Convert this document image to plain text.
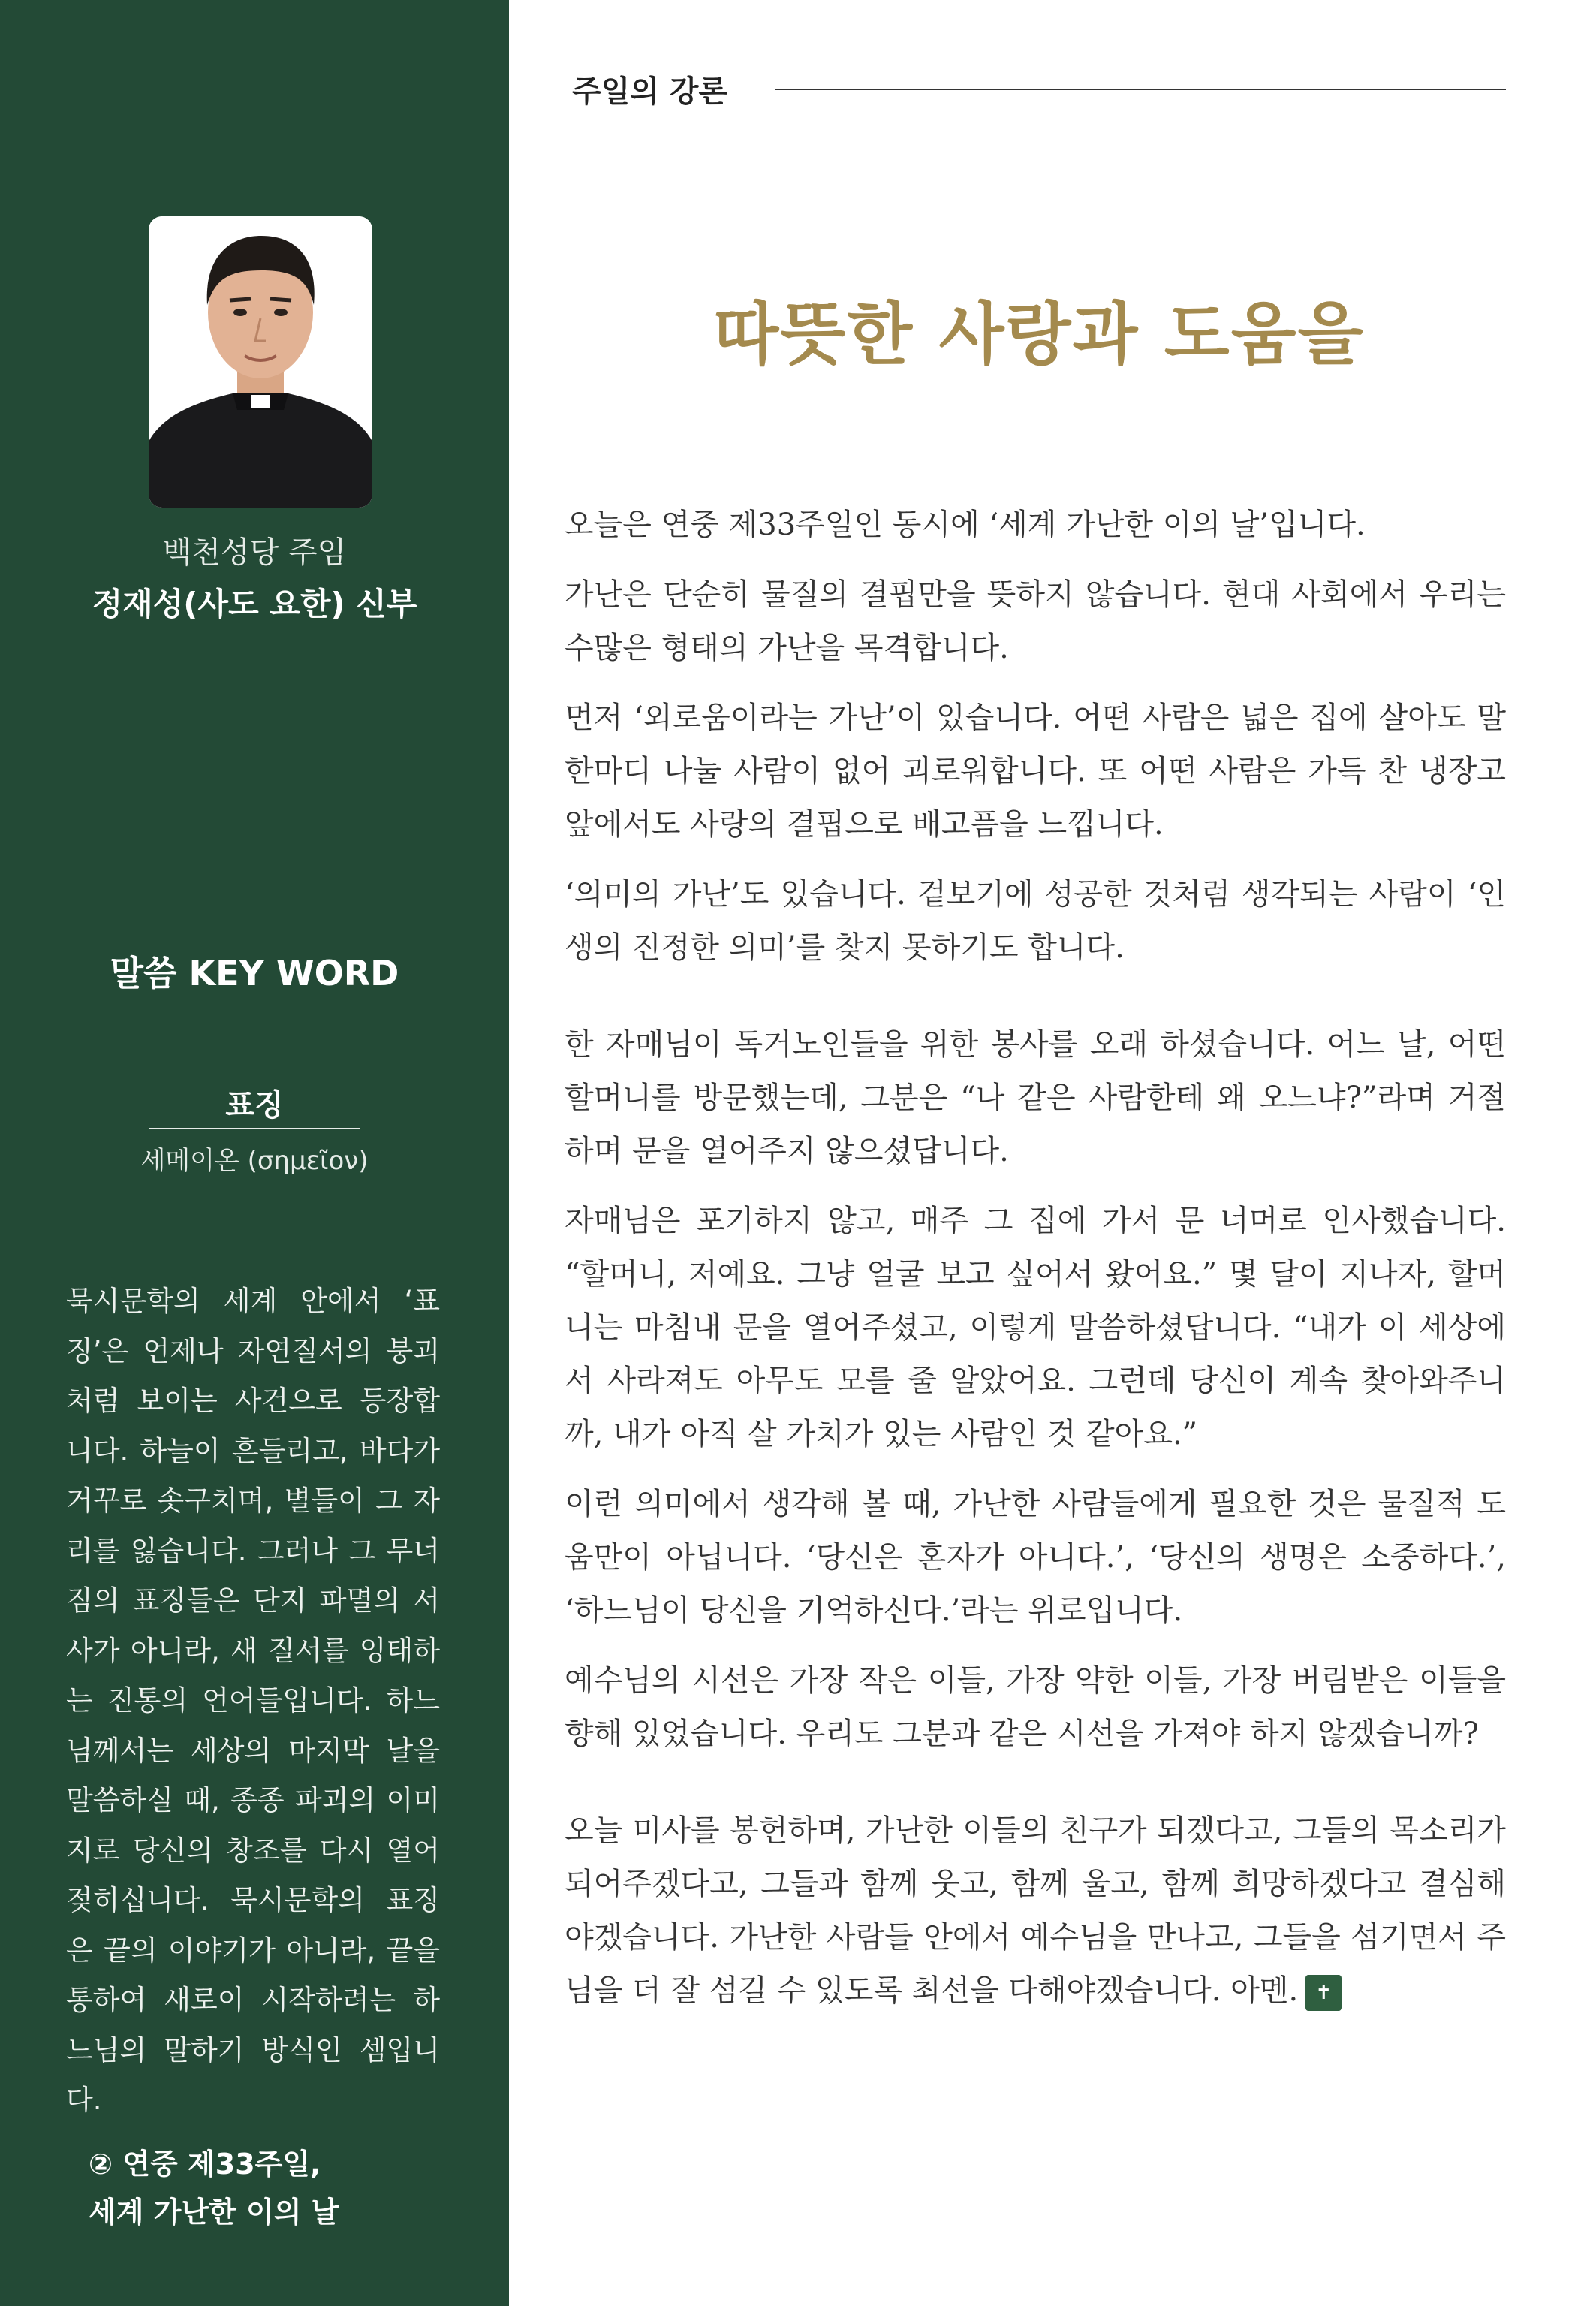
백천성당 주임
정재성(사도 요한) 신부
말씀 KEY WORD
표징
세메이온 (σημεῖον)
묵시문학의 세계 안에서 ‘표징’은 언제나 자연질서의 붕괴처럼 보이는 사건으로 등장합니다. 하늘이 흔들리고, 바다가 거꾸로 솟구치며, 별들이 그 자리를 잃습니다. 그러나 그 무너짐의 표징들은 단지 파멸의 서사가 아니라, 새 질서를 잉태하는 진통의 언어들입니다. 하느님께서는 세상의 마지막 날을 말씀하실 때, 종종 파괴의 이미지로 당신의 창조를 다시 열어젖히십니다. 묵시문학의 표징은 끝의 이야기가 아니라, 끝을 통하여 새로이 시작하려는 하느님의 말하기 방식인 셈입니다.
② 연중 제33주일,
세계 가난한 이의 날
주일의 강론
따뜻한 사랑과 도움을

오늘은 연중 제33주일인 동시에 ‘세계 가난한 이의 날’입니다.

가난은 단순히 물질의 결핍만을 뜻하지 않습니다. 현대 사회에서 우리는 수많은 형태의 가난을 목격합니다.

먼저 ‘외로움이라는 가난’이 있습니다. 어떤 사람은 넓은 집에 살아도 말 한마디 나눌 사람이 없어 괴로워합니다. 또 어떤 사람은 가득 찬 냉장고 앞에서도 사랑의 결핍으로 배고픔을 느낍니다.

‘의미의 가난’도 있습니다. 겉보기에 성공한 것처럼 생각되는 사람이 ‘인생의 진정한 의미’를 찾지 못하기도 합니다.

한 자매님이 독거노인들을 위한 봉사를 오래 하셨습니다. 어느 날, 어떤 할머니를 방문했는데, 그분은 “나 같은 사람한테 왜 오느냐?”라며 거절하며 문을 열어주지 않으셨답니다.

자매님은 포기하지 않고, 매주 그 집에 가서 문 너머로 인사했습니다. “할머니, 저예요. 그냥 얼굴 보고 싶어서 왔어요.” 몇 달이 지나자, 할머니는 마침내 문을 열어주셨고, 이렇게 말씀하셨답니다. “내가 이 세상에서 사라져도 아무도 모를 줄 알았어요. 그런데 당신이 계속 찾아와주니까, 내가 아직 살 가치가 있는 사람인 것 같아요.”

이런 의미에서 생각해 볼 때, 가난한 사람들에게 필요한 것은 물질적 도움만이 아닙니다. ‘당신은 혼자가 아니다.’, ‘당신의 생명은 소중하다.’, ‘하느님이 당신을 기억하신다.’라는 위로입니다.

예수님의 시선은 가장 작은 이들, 가장 약한 이들, 가장 버림받은 이들을 향해 있었습니다. 우리도 그분과 같은 시선을 가져야 하지 않겠습니까?

오늘 미사를 봉헌하며, 가난한 이들의 친구가 되겠다고, 그들의 목소리가 되어주겠다고, 그들과 함께 웃고, 함께 울고, 함께 희망하겠다고 결심해야겠습니다. 가난한 사람들 안에서 예수님을 만나고, 그들을 섬기면서 주님을 더 잘 섬길 수 있도록 최선을 다해야겠습니다. 아멘. ✝
